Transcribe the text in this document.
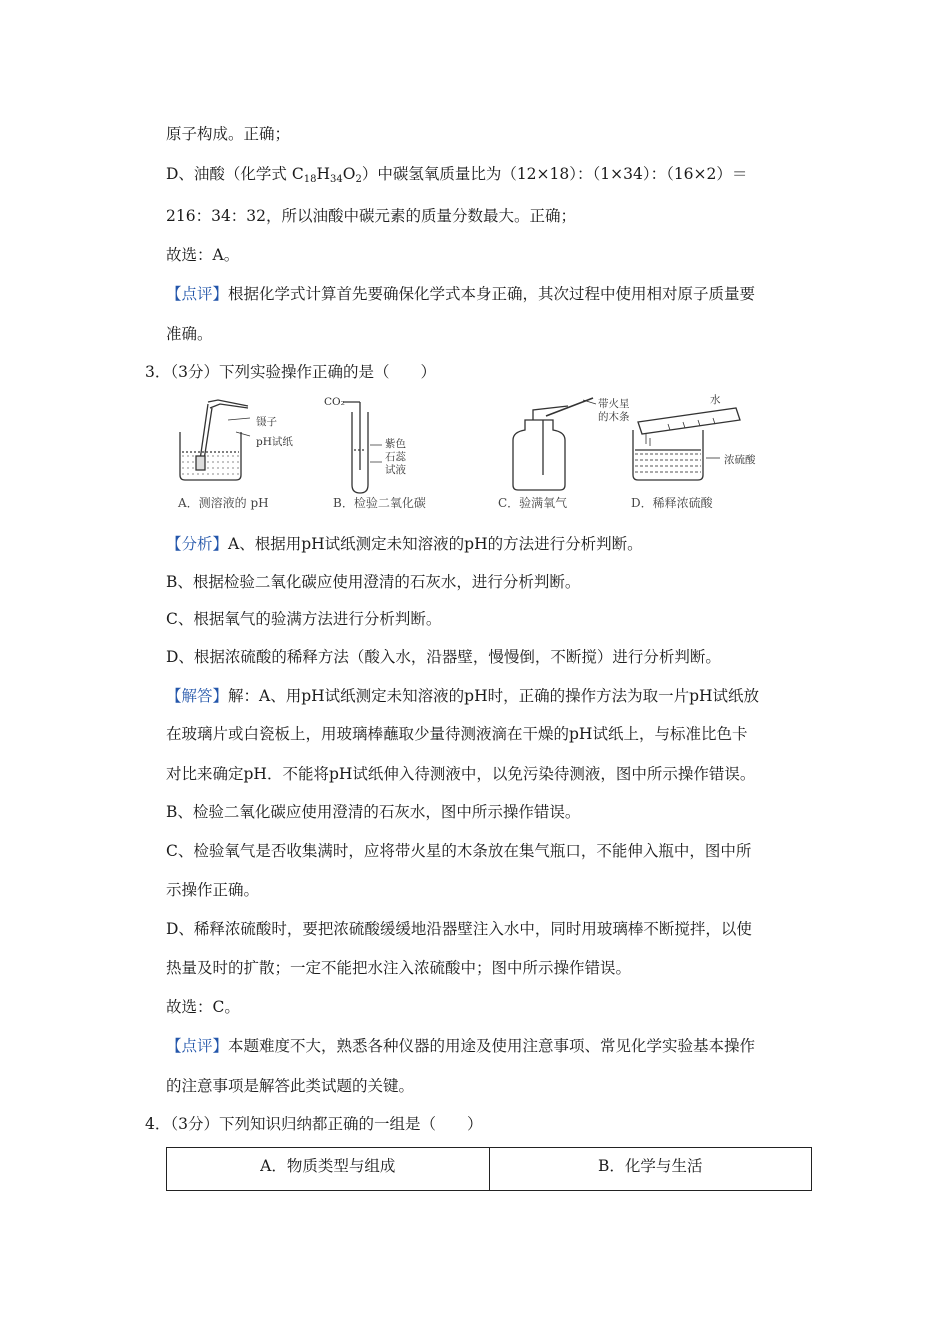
原子构成。正确；
D、油酸（化学式 $C_{18}H_{34}O_2$）中碳氢氧质量比为（12×18）：（1×34）：（16×2）＝
216：34：32，所以油酸中碳元素的质量分数最大。正确；
故选：A。
【点评】根据化学式计算首先要确保化学式本身正确，其次过程中使用相对原子质量要
准确。
3．（3分）下列实验操作正确的是（　　）
镊子
pH试纸
CO₂
紫色
石蕊
试液
带火星
的木条
水
浓硫酸
A．测溶液的 pH	B．检验二氧化碳	C．验满氧气	D．稀释浓硫酸
【分析】A、根据用pH试纸测定未知溶液的pH的方法进行分析判断。
B、根据检验二氧化碳应使用澄清的石灰水，进行分析判断。
C、根据氧气的验满方法进行分析判断。
D、根据浓硫酸的稀释方法（酸入水，沿器壁，慢慢倒，不断搅）进行分析判断。
【解答】解：A、用pH试纸测定未知溶液的pH时，正确的操作方法为取一片pH试纸放
在玻璃片或白瓷板上，用玻璃棒蘸取少量待测液滴在干燥的pH试纸上，与标准比色卡
对比来确定pH．不能将pH试纸伸入待测液中，以免污染待测液，图中所示操作错误。
B、检验二氧化碳应使用澄清的石灰水，图中所示操作错误。
C、检验氧气是否收集满时，应将带火星的木条放在集气瓶口，不能伸入瓶中，图中所
示操作正确。
D、稀释浓硫酸时，要把浓硫酸缓缓地沿器壁注入水中，同时用玻璃棒不断搅拌，以使
热量及时的扩散；一定不能把水注入浓硫酸中；图中所示操作错误。
故选：C。
【点评】本题难度不大，熟悉各种仪器的用途及使用注意事项、常见化学实验基本操作
的注意事项是解答此类试题的关键。
4．（3分）下列知识归纳都正确的一组是（　　）
A．物质类型与组成	B．化学与生活
